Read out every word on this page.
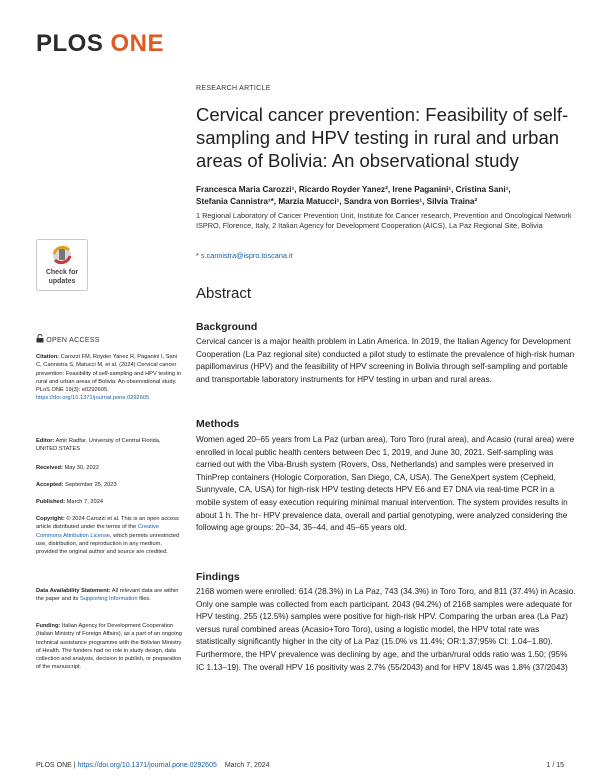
PLOS ONE
RESEARCH ARTICLE
Cervical cancer prevention: Feasibility of self-sampling and HPV testing in rural and urban areas of Bolivia: An observational study
Francesca Maria Carozzi¹, Ricardo Royder Yanez², Irene Paganini¹, Cristina Sani¹,
Stefania Cannistra¹*, Marzia Matucci¹, Sandra von Borries¹, Silvia Traina²
1 Regional Laboratory of Cancer Prevention Unit, Institute for Cancer research, Prevention and Oncological Network ISPRO, Florence, Italy, 2 Italian Agency for Development Cooperation (AICS), La Paz Regional Site, Bolivia
* s.cannistra@ispro.toscana.it
Check for
updates
OPEN ACCESS
Citation: Carozzi FM, Royder Yanez R, Paganini I, Sani C, Cannistra S, Matucci M, et al. (2024) Cervical cancer prevention: Feasibility of self-sampling and HPV testing in rural and urban areas of Bolivia: An observational study. PLoS ONE 19(3): e0292605. https://doi.org/10.1371/journal.pone.0292605
Editor: Amir Radfar, University of Central Florida, UNITED STATES
Received: May 30, 2022
Accepted: September 25, 2023
Published: March 7, 2024
Copyright: © 2024 Carozzi et al. This is an open access article distributed under the terms of the Creative Commons Attribution License, which permits unrestricted use, distribution, and reproduction in any medium, provided the original author and source are credited.
Data Availability Statement: All relevant data are within the paper and its Supporting Information files.
Funding: Italian Agency for Development Cooperation (Italian Ministry of Foreign Affairs), as a part of an ongoing technical assistance programme with the Bolivian Ministry of Health. The funders had no role in study design, data collection and analysis, decision to publish, or preparation of the manuscript.
Abstract
Background
Cervical cancer is a major health problem in Latin America. In 2019, the Italian Agency for Development Cooperation (La Paz regional site) conducted a pilot study to estimate the prevalence of high-risk human papillomavirus (HPV) and the feasibility of HPV screening in Bolivia through self-sampling and portable and transportable laboratory instruments for HPV testing in urban and rural areas.
Methods
Women aged 20–65 years from La Paz (urban area), Toro Toro (rural area), and Acasio (rural area) were enrolled in local public health centers between Dec 1, 2019, and June 30, 2021. Self-sampling was carried out with the Viba-Brush system (Rovers, Oss, Netherlands) and samples were preserved in ThinPrep containers (Hologic Corporation, San Diego, CA, USA). The GeneXpert system (Cepheid, Sunnyvale, CA, USA) for high-risk HPV testing detects HPV E6 and E7 DNA via real-time PCR in a mobile system of easy execution requiring minimal manual intervention. The system provides results in about 1 h. The hr- HPV prevalence data, overall and partial genotyping, were analyzed considering the following age groups: 20–34, 35–44, and 45–65 years old.
Findings
2168 women were enrolled: 614 (28.3%) in La Paz, 743 (34.3%) in Toro Toro, and 811 (37.4%) in Acasio. Only one sample was collected from each participant. 2043 (94.2%) of 2168 samples were adequate for HPV testing. 255 (12.5%) samples were positive for high-risk HPV. Comparing the urban area (La Paz) versus rural combined areas (Acasio+Toro Toro), using a logistic model, the HPV total rate was statistically significantly higher in the city of La Paz (15.0% vs 11.4%; OR:1.37;95% CI: 1.04–1.80). Furthermore, the HPV prevalence was declining by age, and the urban/rural odds ratio was 1.50; (95% IC 1.13–19). The overall HPV 16 positivity was 2.7% (55/2043) and for HPV 18/45 was 1.8% (37/2043)
PLOS ONE | https://doi.org/10.1371/journal.pone.0292605 March 7, 2024	1 / 15
